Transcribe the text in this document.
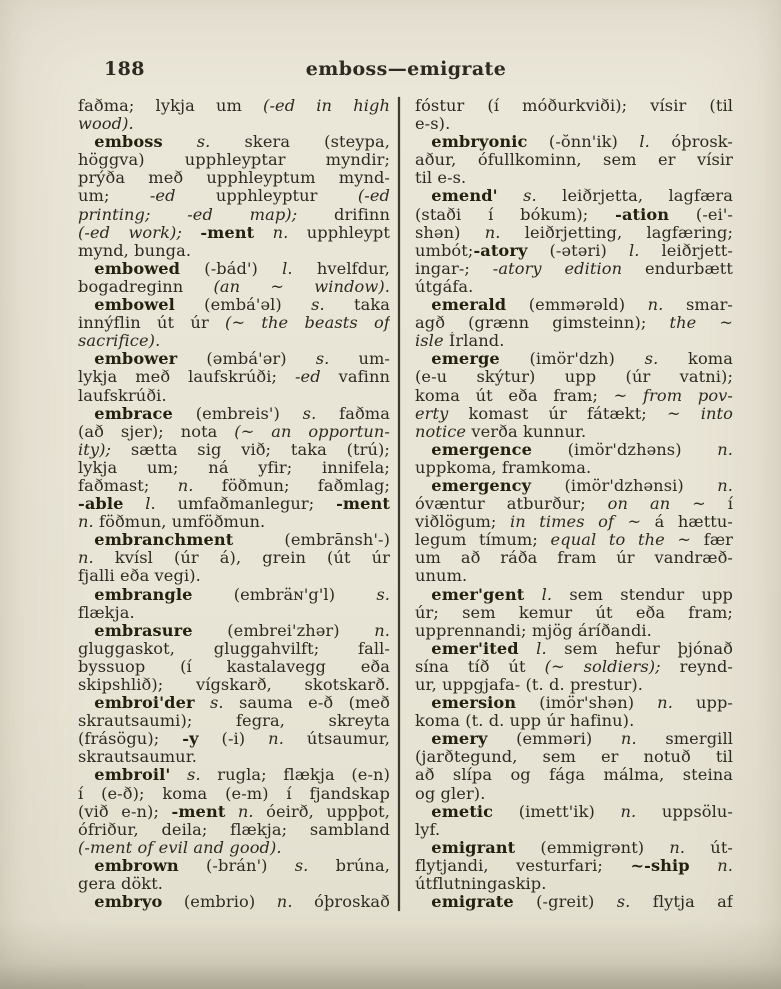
188	emboss—emigrate
faðma; lykja um (-ed in high
wood).
 emboss s. skera (steypa,
höggva) upphleyptar myndir;
prýða með upphleyptum mynd-
um; -ed upphleyptur (-ed
printing; -ed map); drifinn
(-ed work); -ment n. upphleypt
mynd, bunga.
 embowed (-bád') l. hvelfdur,
bogadreginn (an ~ window).
 embowel (embá'əl) s. taka
innýflin út úr (~ the beasts of
sacrifice).
 embower (əmbá'ər) s. um-
lykja með laufskrúði; -ed vafinn
laufskrúði.
 embrace (embreis') s. faðma
(að sjer); nota (~ an opportun-
ity); sætta sig við; taka (trú);
lykja um; ná yfir; innifela;
faðmast; n. föðmun; faðmlag;
-able l. umfaðmanlegur; -ment
n. föðmun, umföðmun.
 embranchment (embrānsh'-)
n. kvísl (úr á), grein (út úr
fjalli eða vegi).
 embrangle (embräɴ'g'l) s.
flækja.
 embrasure (embrei'zhər) n.
gluggaskot, gluggahvilft; fall-
byssuop (í kastalavegg eða
skipshlið); vígskarð, skotskarð.
 embroi'der s. sauma e-ð (með
skrautsaumi); fegra, skreyta
(frásögu); -y (-i) n. útsaumur,
skrautsaumur.
 embroil' s. rugla; flækja (e-n)
í (e-ð); koma (e-m) í fjandskap
(við e-n); -ment n. óeirð, uppþot,
ófriður, deila; flækja; sambland
(-ment of evil and good).
 embrown (-brán') s. brúna,
gera dökt.
 embryo (embrio) n. óþroskað
fóstur (í móðurkviði); vísir (til
e-s).
 embryonic (-ŏnn'ik) l. óþrosk-
aður, ófullkominn, sem er vísir
til e-s.
 emend' s. leiðrjetta, lagfæra
(staði í bókum); -ation (-ei'-
shən) n. leiðrjetting, lagfæring;
umbót;-atory (-ətəri) l. leiðrjett-
ingar-; -atory edition endurbætt
útgáfa.
 emerald (emmərəld) n. smar-
agð (grænn gimsteinn); the ~
isle Írland.
 emerge (imör'dzh) s. koma
(e-u skýtur) upp (úr vatni);
koma út eða fram; ~ from pov-
erty komast úr fátækt; ~ into
notice verða kunnur.
 emergence (imör'dzhəns) n.
uppkoma, framkoma.
 emergency (imör'dzhənsi) n.
óvæntur atburður; on an ~ í
viðlögum; in times of ~ á hættu-
legum tímum; equal to the ~ fær
um að ráða fram úr vandræð-
unum.
 emer'gent l. sem stendur upp
úr; sem kemur út eða fram;
upprennandi; mjög áríðandi.
 emer'ited l. sem hefur þjónað
sína tíð út (~ soldiers); reynd-
ur, uppgjafa- (t. d. prestur).
 emersion (imör'shən) n. upp-
koma (t. d. upp úr hafinu).
 emery (emməri) n. smergill
(jarðtegund, sem er notuð til
að slípa og fága málma, steina
og gler).
 emetic (imett'ik) n. uppsölu-
lyf.
 emigrant (emmigrənt) n. út-
flytjandi, vesturfari; ~-ship n.
útflutningaskip.
 emigrate (-greit) s. flytja af
